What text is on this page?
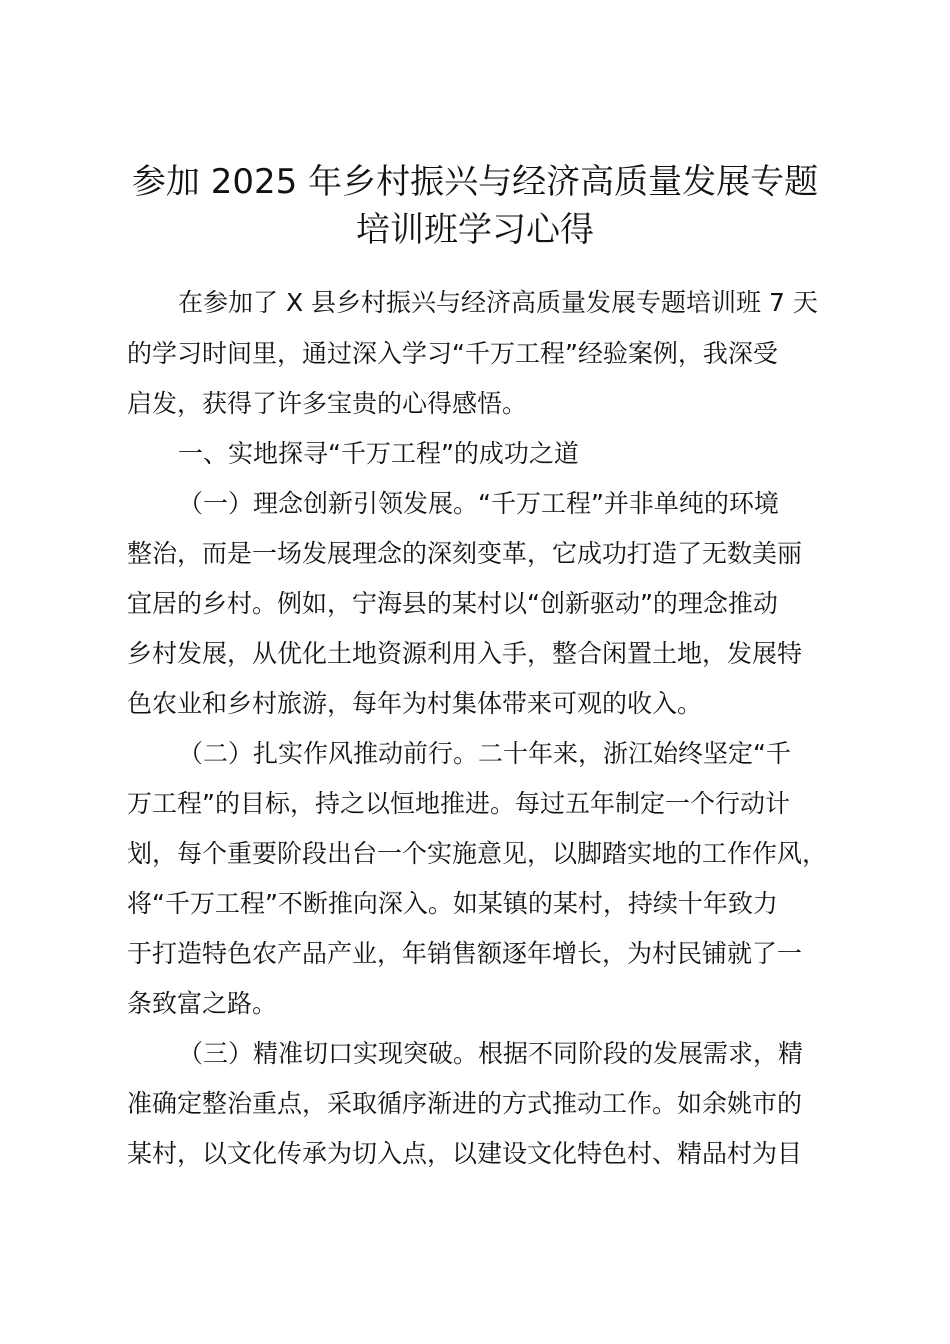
参加 2025 年乡村振兴与经济高质量发展专题
培训班学习心得

在参加了 X 县乡村振兴与经济高质量发展专题培训班 7 天

的学习时间里，通过深入学习“千万工程”经验案例，我深受

启发，获得了许多宝贵的心得感悟。

一、实地探寻“千万工程”的成功之道

（一）理念创新引领发展。“千万工程”并非单纯的环境

整治，而是一场发展理念的深刻变革，它成功打造了无数美丽

宜居的乡村。例如，宁海县的某村以“创新驱动”的理念推动

乡村发展，从优化土地资源利用入手，整合闲置土地，发展特

色农业和乡村旅游，每年为村集体带来可观的收入。

（二）扎实作风推动前行。二十年来，浙江始终坚定“千

万工程”的目标，持之以恒地推进。每过五年制定一个行动计

划，每个重要阶段出台一个实施意见，以脚踏实地的工作作风，

将“千万工程”不断推向深入。如某镇的某村，持续十年致力

于打造特色农产品产业，年销售额逐年增长，为村民铺就了一

条致富之路。

（三）精准切口实现突破。根据不同阶段的发展需求，精

准确定整治重点，采取循序渐进的方式推动工作。如余姚市的

某村，以文化传承为切入点，以建设文化特色村、精品村为目
